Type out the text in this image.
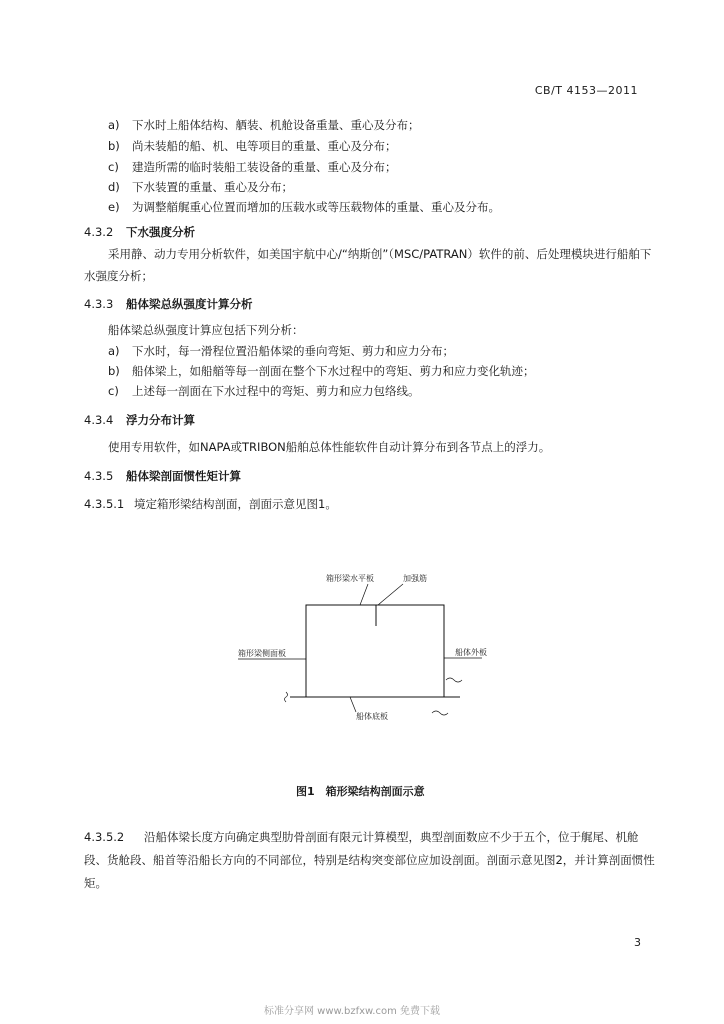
CB/T 4153—2011
a) 下水时上船体结构、舾装、机舱设备重量、重心及分布；
b) 尚未装船的船、机、电等项目的重量、重心及分布；
c) 建造所需的临时装船工装设备的重量、重心及分布；
d) 下水装置的重量、重心及分布；
e) 为调整艏艉重心位置而增加的压载水或等压载物体的重量、重心及分布。
4.3.2 下水强度分析
采用静、动力专用分析软件，如美国宇航中心/“纳斯创”（MSC/PATRAN）软件的前、后处理模块进行船舶下水强度分析；
4.3.3 船体梁总纵强度计算分析
船体梁总纵强度计算应包括下列分析：
a) 下水时，每一滑程位置沿船体梁的垂向弯矩、剪力和应力分布；
b) 船体梁上，如船艏等每一剖面在整个下水过程中的弯矩、剪力和应力变化轨迹；
c) 上述每一剖面在下水过程中的弯矩、剪力和应力包络线。
4.3.4 浮力分布计算
使用专用软件，如NAPA或TRIBON船舶总体性能软件自动计算分布到各节点上的浮力。
4.3.5 船体梁剖面惯性矩计算
4.3.5.1 境定箱形梁结构剖面，剖面示意见图1。
箱形梁水平板	加强筋
箱形梁侧面板	船体外板
船体底板
图1　箱形梁结构剖面示意
4.3.5.2 沿船体梁长度方向确定典型肋骨剖面有限元计算模型，典型剖面数应不少于五个，位于艉尾、机舱段、货舱段、船首等沿船长方向的不同部位，特别是结构突变部位应加设剖面。剖面示意见图2，并计算剖面惯性矩。
3
标准分享网 www.bzfxw.com 免费下载
